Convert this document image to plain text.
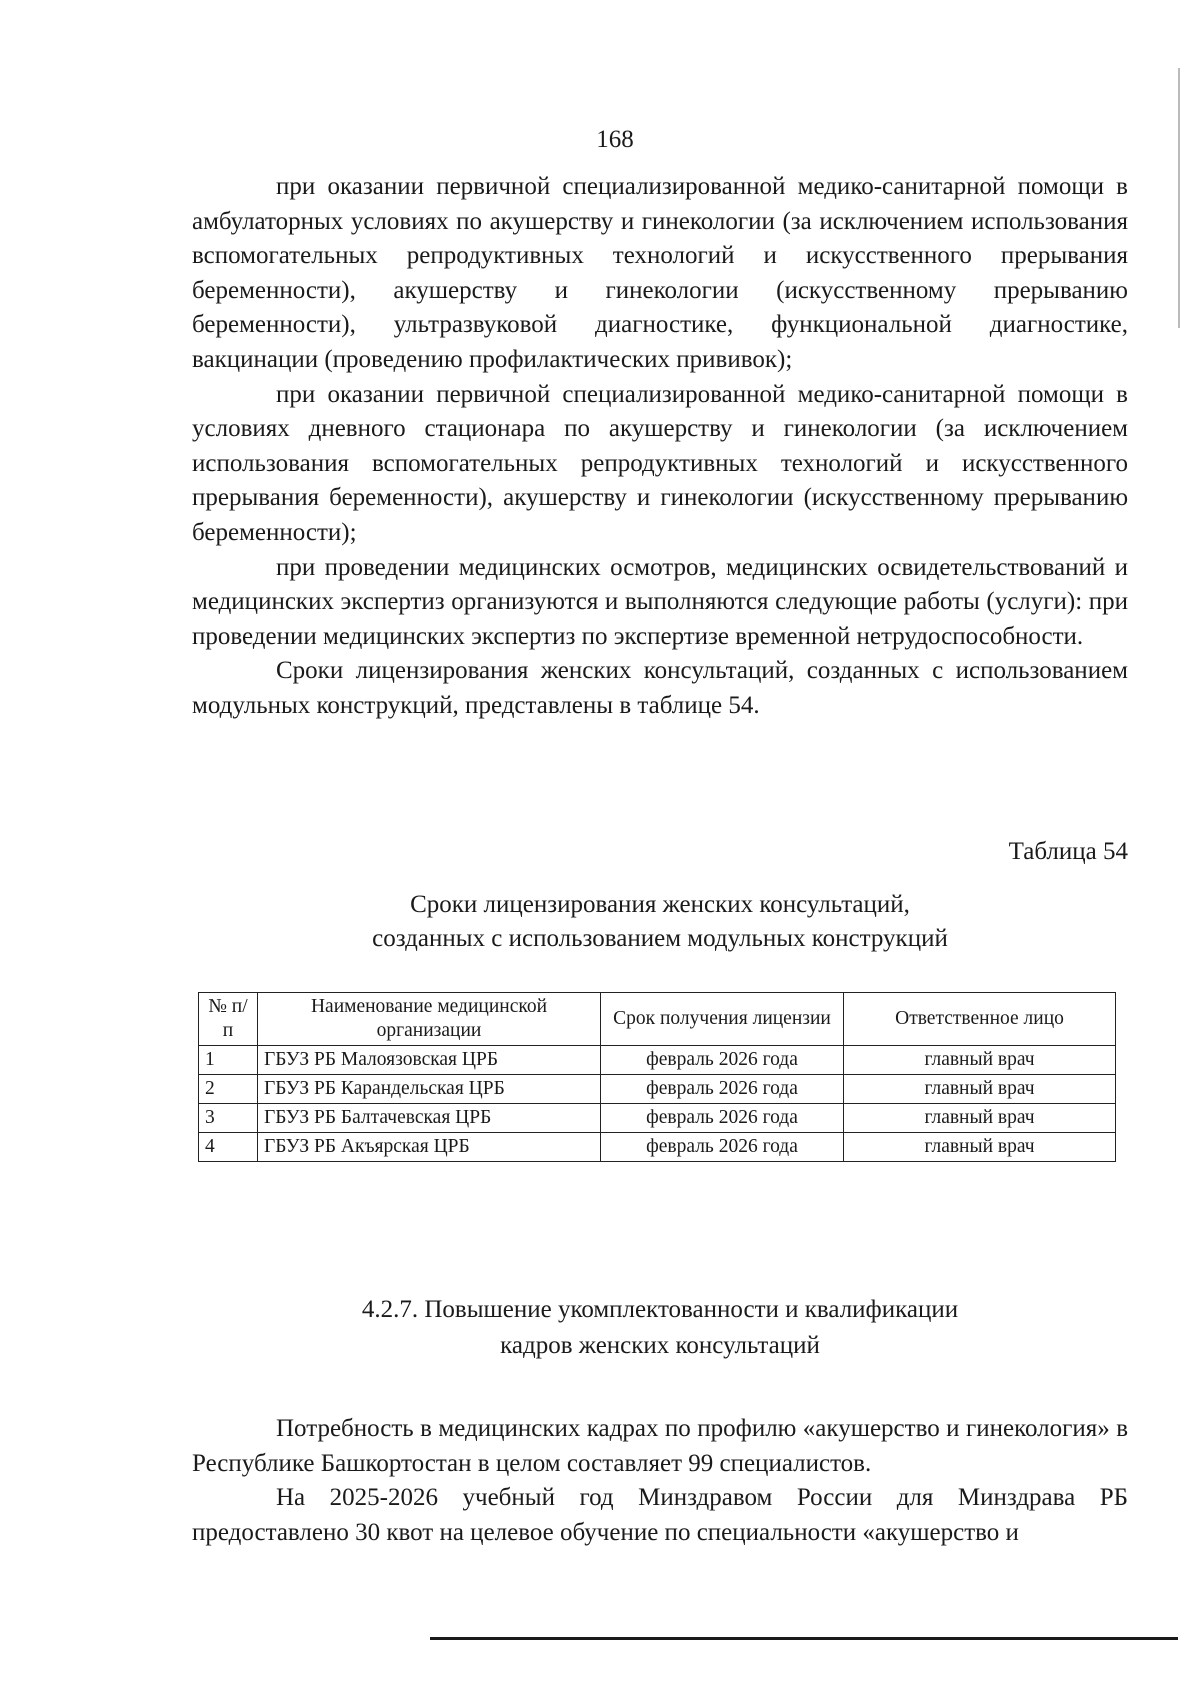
168

при оказании первичной специализированной медико-санитарной помощи в амбулаторных условиях по акушерству и гинекологии (за исключением использования вспомогательных репродуктивных технологий и искусственного прерывания беременности), акушерству и гинекологии (искусственному прерыванию беременности), ультразвуковой диагностике, функциональной диагностике, вакцинации (проведению профилактических прививок);

при оказании первичной специализированной медико-санитарной помощи в условиях дневного стационара по акушерству и гинекологии (за исключением использования вспомогательных репродуктивных технологий и искусственного прерывания беременности), акушерству и гинекологии (искусственному прерыванию беременности);

при проведении медицинских осмотров, медицинских освидетельствований и медицинских экспертиз организуются и выполняются следующие работы (услуги): при проведении медицинских экспертиз по экспертизе временной нетрудоспособности.

Сроки лицензирования женских консультаций, созданных с использованием модульных конструкций, представлены в таблице 54.

Таблица 54
Сроки лицензирования женских консультаций,
созданных с использованием модульных конструкций
№ п/п	Наименование медицинской организации	Срок получения лицензии	Ответственное лицо
1	ГБУЗ РБ Малоязовская ЦРБ	февраль 2026 года	главный врач
2	ГБУЗ РБ Карандельская ЦРБ	февраль 2026 года	главный врач
3	ГБУЗ РБ Балтачевская ЦРБ	февраль 2026 года	главный врач
4	ГБУЗ РБ Акъярская ЦРБ	февраль 2026 года	главный врач
4.2.7. Повышение укомплектованности и квалификации
кадров женских консультаций

Потребность в медицинских кадрах по профилю «акушерство и гинекология» в Республике Башкортостан в целом составляет 99 специалистов.

На 2025-2026 учебный год Минздравом России для Минздрава РБ предоставлено 30 квот на целевое обучение по специальности «акушерство и
